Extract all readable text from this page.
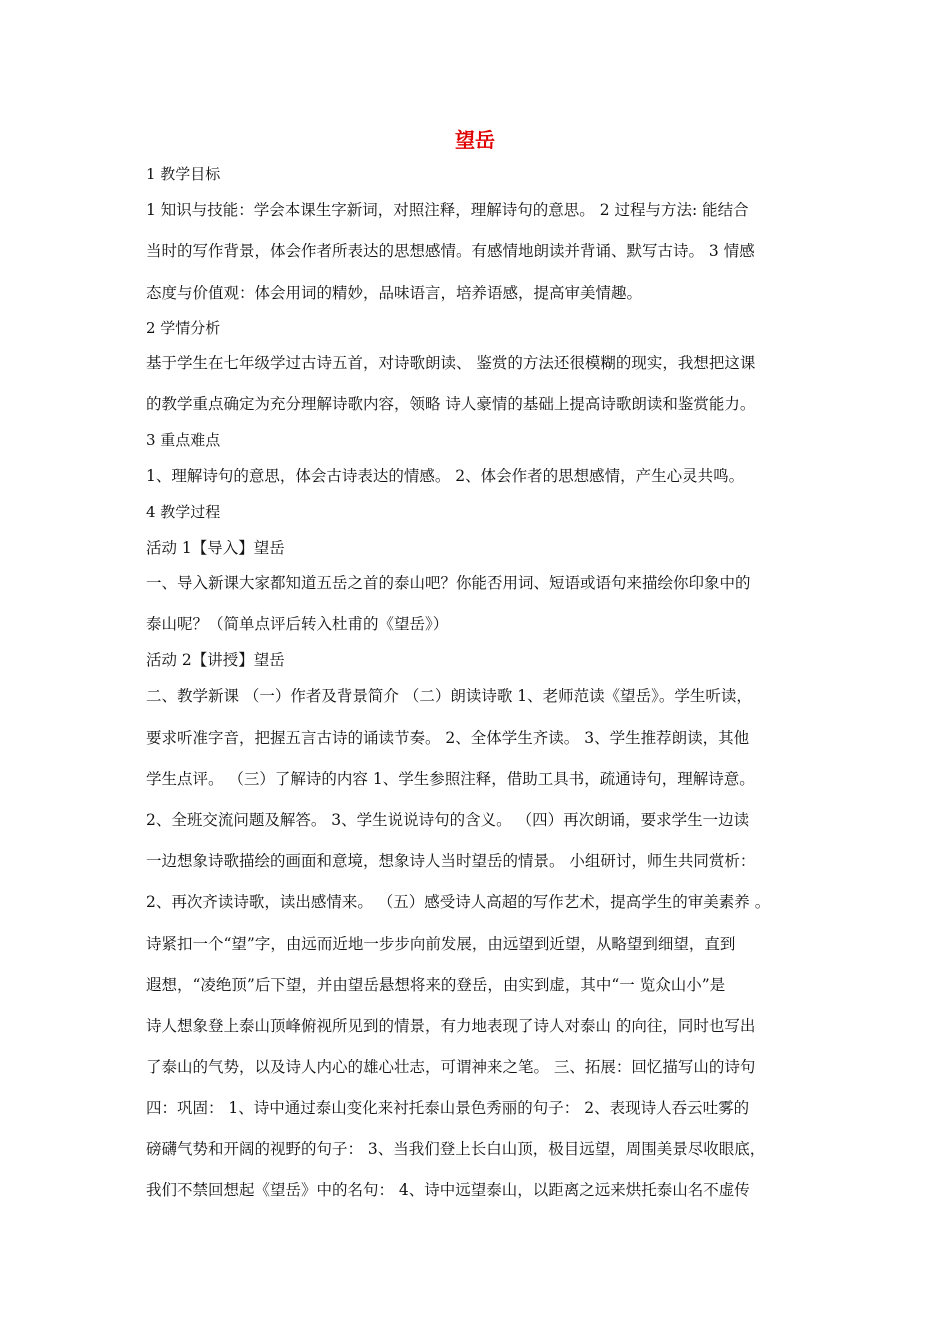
望岳
1 教学目标
1 知识与技能：学会本课生字新词，对照注释，理解诗句的意思。 2 过程与方法: 能结合
当时的写作背景，体会作者所表达的思想感情。有感情地朗读并背诵、默写古诗。 3 情感
态度与价值观：体会用词的精妙，品味语言，培养语感，提高审美情趣。
2 学情分析
基于学生在七年级学过古诗五首，对诗歌朗读、 鉴赏的方法还很模糊的现实，我想把这课
的教学重点确定为充分理解诗歌内容，领略 诗人豪情的基础上提高诗歌朗读和鉴赏能力。
3 重点难点
1、理解诗句的意思，体会古诗表达的情感。 2、体会作者的思想感情，产生心灵共鸣。
4 教学过程
活动 1【导入】望岳
一、导入新课大家都知道五岳之首的泰山吧？你能否用词、短语或语句来描绘你印象中的
泰山呢？（简单点评后转入杜甫的《望岳》）
活动 2【讲授】望岳
二、教学新课 （一）作者及背景简介 （二）朗读诗歌 1、老师范读《望岳》。学生听读，
要求听准字音，把握五言古诗的诵读节奏。 2、全体学生齐读。 3、学生推荐朗读，其他
学生点评。 （三）了解诗的内容 1、学生参照注释，借助工具书，疏通诗句，理解诗意。
2、全班交流问题及解答。 3、学生说说诗句的含义。 （四）再次朗诵，要求学生一边读
一边想象诗歌描绘的画面和意境，想象诗人当时望岳的情景。 小组研讨，师生共同赏析：
2、再次齐读诗歌，读出感情来。 （五）感受诗人高超的写作艺术，提高学生的审美素养 。
诗紧扣一个“望”字，由远而近地一步步向前发展，由远望到近望，从略望到细望，直到
遐想，“凌绝顶”后下望，并由望岳悬想将来的登岳，由实到虚，其中“一 览众山小”是
诗人想象登上泰山顶峰俯视所见到的情景，有力地表现了诗人对泰山 的向往，同时也写出
了泰山的气势，以及诗人内心的雄心壮志，可谓神来之笔。 三、拓展：回忆描写山的诗句
四：巩固： 1、诗中通过泰山变化来衬托泰山景色秀丽的句子： 2、表现诗人吞云吐雾的
磅礴气势和开阔的视野的句子： 3、当我们登上长白山顶，极目远望，周围美景尽收眼底，
我们不禁回想起《望岳》中的名句： 4、诗中远望泰山，以距离之远来烘托泰山名不虚传
